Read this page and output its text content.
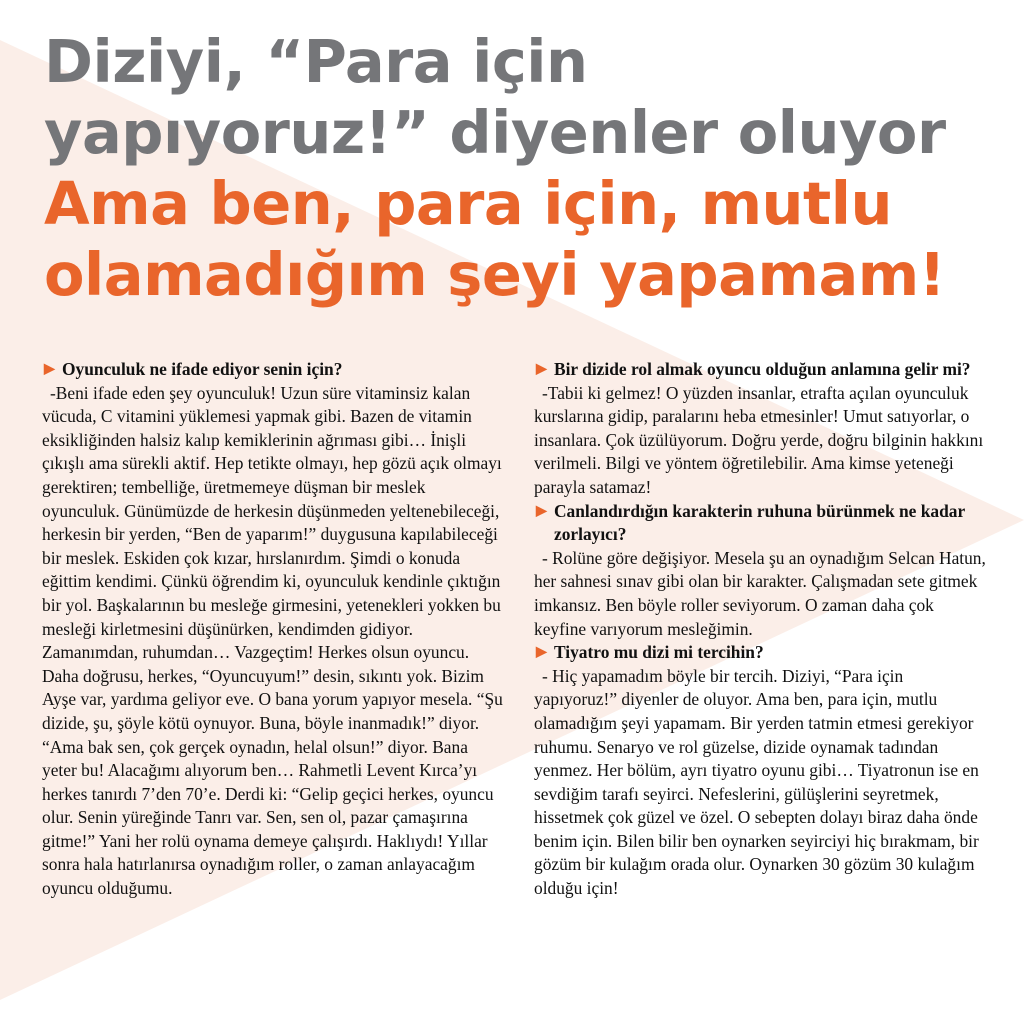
Diziyi, “Para için
yapıyoruz!” diyenler oluyor
Ama ben, para için, mutlu
olamadığım şeyi yapamam!

▶ Oyunculuk ne ifade ediyor senin için?

-Beni ifade eden şey oyunculuk! Uzun süre vitaminsiz kalan vücuda, C vitamini yüklemesi yapmak gibi. Bazen de vitamin eksikliğinden halsiz kalıp kemiklerinin ağrıması gibi… İnişli çıkışlı ama sürekli aktif. Hep tetikte olmayı, hep gözü açık olmayı gerektiren; tembelliğe, üretmemeye düşman bir meslek oyunculuk. Günümüzde de herkesin düşünmeden yeltenebileceği, herkesin bir yerden, “Ben de yaparım!” duygusuna kapılabileceği bir meslek. Eskiden çok kızar, hırslanırdım. Şimdi o konuda eğittim kendimi. Çünkü öğrendim ki, oyunculuk kendinle çıktığın bir yol. Başkalarının bu mesleğe girmesini, yetenekleri yokken bu mesleği kirletmesini düşünürken, kendimden gidiyor. Zamanımdan, ruhumdan… Vazgeçtim! Herkes olsun oyuncu. Daha doğrusu, herkes, “Oyuncuyum!” desin, sıkıntı yok. Bizim Ayşe var, yardıma geliyor eve. O bana yorum yapıyor mesela. “Şu dizide, şu, şöyle kötü oynuyor. Buna, böyle inanmadık!” diyor. “Ama bak sen, çok gerçek oynadın, helal olsun!” diyor. Bana yeter bu! Alacağımı alıyorum ben… Rahmetli Levent Kırca’yı herkes tanırdı 7’den 70’e. Derdi ki: “Gelip geçici herkes, oyuncu olur. Senin yüreğinde Tanrı var. Sen, sen ol, pazar çamaşırına gitme!” Yani her rolü oynama demeye çalışırdı. Haklıydı! Yıllar sonra hala hatırlanırsa oynadığım roller, o zaman anlayacağım oyuncu olduğumu.

▶ Bir dizide rol almak oyuncu olduğun anlamına gelir mi?

-Tabii ki gelmez! O yüzden insanlar, etrafta açılan oyunculuk kurslarına gidip, paralarını heba etmesinler! Umut satıyorlar, o insanlara. Çok üzülüyorum. Doğru yerde, doğru bilginin hakkını verilmeli. Bilgi ve yöntem öğretilebilir. Ama kimse yeteneği parayla satamaz!

▶ Canlandırdığın karakterin ruhuna bürünmek ne kadar zorlayıcı?

- Rolüne göre değişiyor. Mesela şu an oynadığım Selcan Hatun, her sahnesi sınav gibi olan bir karakter. Çalışmadan sete gitmek imkansız. Ben böyle roller seviyorum. O zaman daha çok keyfine varıyorum mesleğimin.

▶ Tiyatro mu dizi mi tercihin?

- Hiç yapamadım böyle bir tercih. Diziyi, “Para için yapıyoruz!” diyenler de oluyor. Ama ben, para için, mutlu olamadığım şeyi yapamam. Bir yerden tatmin etmesi gerekiyor ruhumu. Senaryo ve rol güzelse, dizide oynamak tadından yenmez. Her bölüm, ayrı tiyatro oyunu gibi… Tiyatronun ise en sevdiğim tarafı seyirci. Nefeslerini, gülüşlerini seyretmek, hissetmek çok güzel ve özel. O sebepten dolayı biraz daha önde benim için. Bilen bilir ben oynarken seyirciyi hiç bırakmam, bir gözüm bir kulağım orada olur. Oynarken 30 gözüm 30 kulağım olduğu için!
